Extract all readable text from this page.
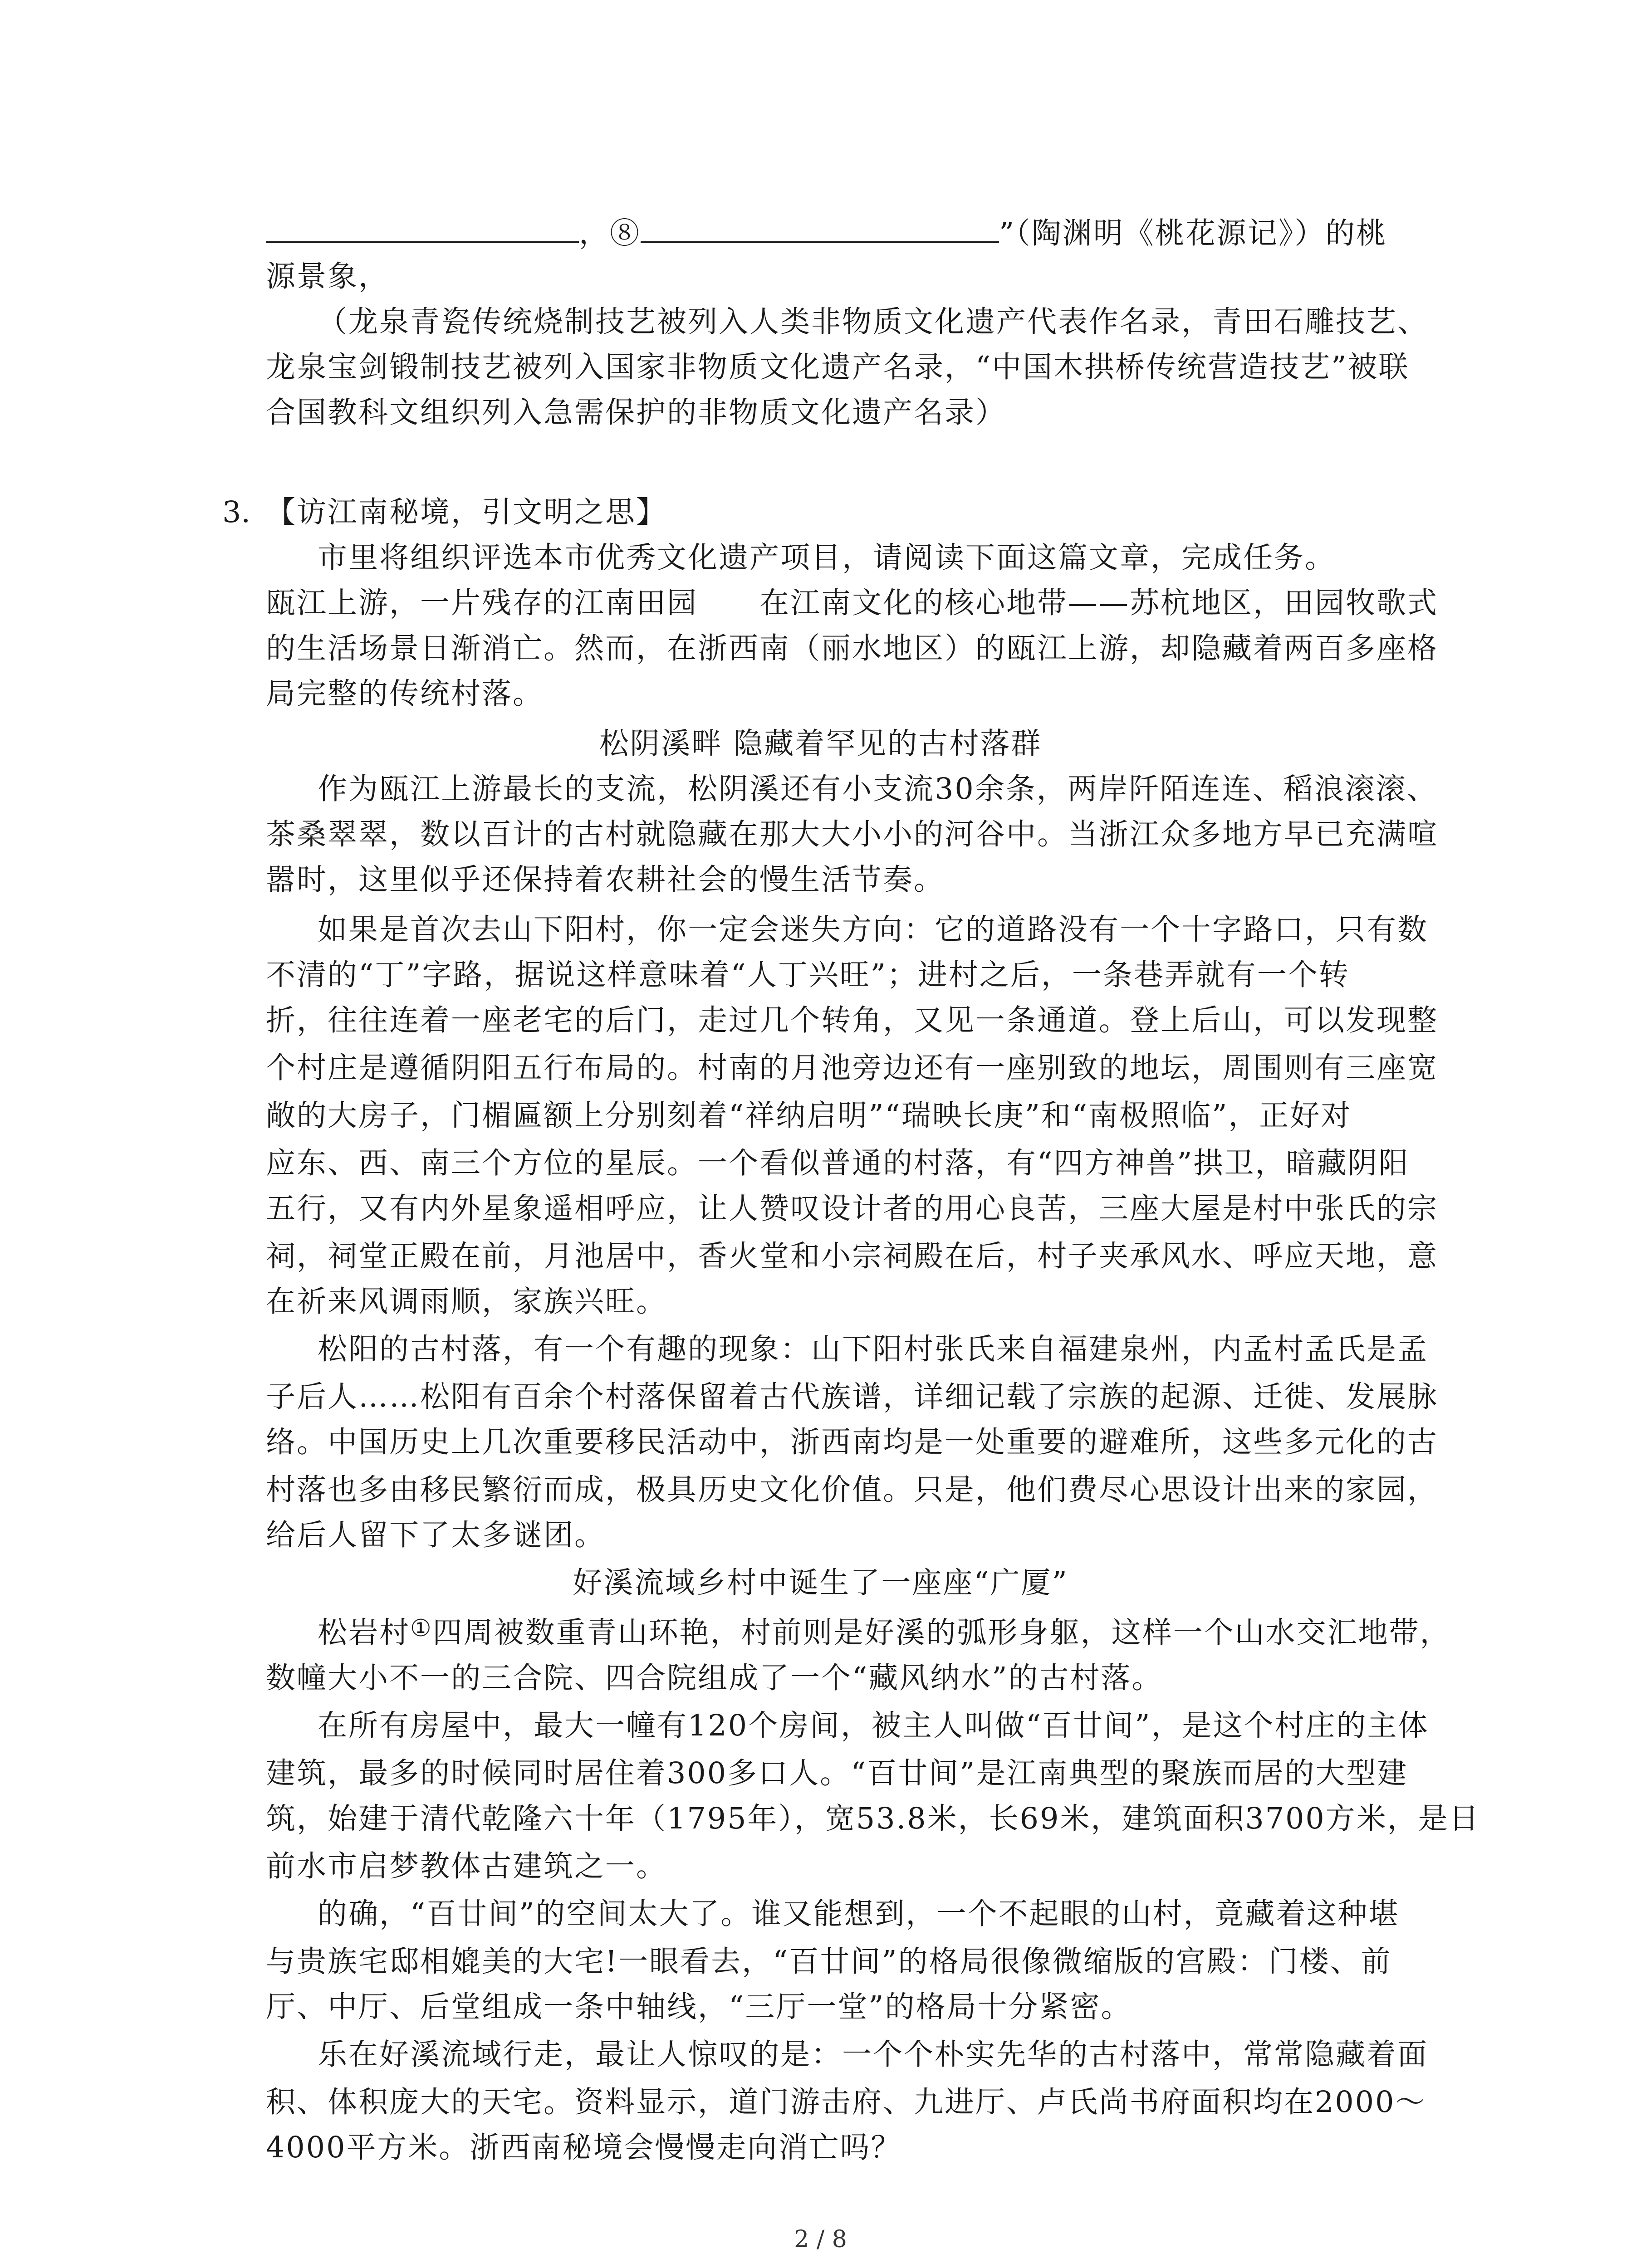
，⑧	”（陶渊明《桃花源记》）的桃
源景象，
（龙泉青瓷传统烧制技艺被列入人类非物质文化遗产代表作名录，青田石雕技艺、
龙泉宝剑锻制技艺被列入国家非物质文化遗产名录，“中国木拱桥传统营造技艺”被联
合国教科文组织列入急需保护的非物质文化遗产名录）
3. 【访江南秘境，引文明之思】
市里将组织评选本市优秀文化遗产项目，请阅读下面这篇文章，完成任务。
瓯江上游，一片残存的江南田园　　在江南文化的核心地带——苏杭地区，田园牧歌式
的生活场景日渐消亡。然而，在浙西南（丽水地区）的瓯江上游，却隐藏着两百多座格
局完整的传统村落。
松阴溪畔 隐藏着罕见的古村落群
作为瓯江上游最长的支流，松阴溪还有小支流30余条，两岸阡陌连连、稻浪滚滚、
茶桑翠翠，数以百计的古村就隐藏在那大大小小的河谷中。当浙江众多地方早已充满喧
嚣时，这里似乎还保持着农耕社会的慢生活节奏。
如果是首次去山下阳村，你一定会迷失方向：它的道路没有一个十字路口，只有数
不清的“丁”字路，据说这样意味着“人丁兴旺”；进村之后，一条巷弄就有一个转
折，往往连着一座老宅的后门，走过几个转角，又见一条通道。登上后山，可以发现整
个村庄是遵循阴阳五行布局的。村南的月池旁边还有一座别致的地坛，周围则有三座宽
敞的大房子，门楣匾额上分别刻着“祥纳启明”“瑞映长庚”和“南极照临”，正好对
应东、西、南三个方位的星辰。一个看似普通的村落，有“四方神兽”拱卫，暗藏阴阳
五行，又有内外星象遥相呼应，让人赞叹设计者的用心良苦，三座大屋是村中张氏的宗
祠，祠堂正殿在前，月池居中，香火堂和小宗祠殿在后，村子夹承风水、呼应天地，意
在祈来风调雨顺，家族兴旺。
松阳的古村落，有一个有趣的现象：山下阳村张氏来自福建泉州，内孟村孟氏是孟
子后人……松阳有百余个村落保留着古代族谱，详细记载了宗族的起源、迁徙、发展脉
络。中国历史上几次重要移民活动中，浙西南均是一处重要的避难所，这些多元化的古
村落也多由移民繁衍而成，极具历史文化价值。只是，他们费尽心思设计出来的家园，
给后人留下了太多谜团。
好溪流域乡村中诞生了一座座“广厦”
松岩村①四周被数重青山环艳，村前则是好溪的弧形身躯，这样一个山水交汇地带，
数幢大小不一的三合院、四合院组成了一个“藏风纳水”的古村落。
在所有房屋中，最大一幢有120个房间，被主人叫做“百廿间”，是这个村庄的主体
建筑，最多的时候同时居住着300多口人。“百廿间”是江南典型的聚族而居的大型建
筑，始建于清代乾隆六十年（1795年），宽53.8米，长69米，建筑面积3700方米，是日
前水市启梦教体古建筑之一。
的确，“百廿间”的空间太大了。谁又能想到，一个不起眼的山村，竟藏着这种堪
与贵族宅邸相媲美的大宅!一眼看去，“百廿间”的格局很像微缩版的宫殿：门楼、前
厅、中厅、后堂组成一条中轴线，“三厅一堂”的格局十分紧密。
乐在好溪流域行走，最让人惊叹的是：一个个朴实先华的古村落中，常常隐藏着面
积、体积庞大的天宅。资料显示，道门游击府、九进厅、卢氏尚书府面积均在2000～
4000平方米。浙西南秘境会慢慢走向消亡吗？
2 / 8
